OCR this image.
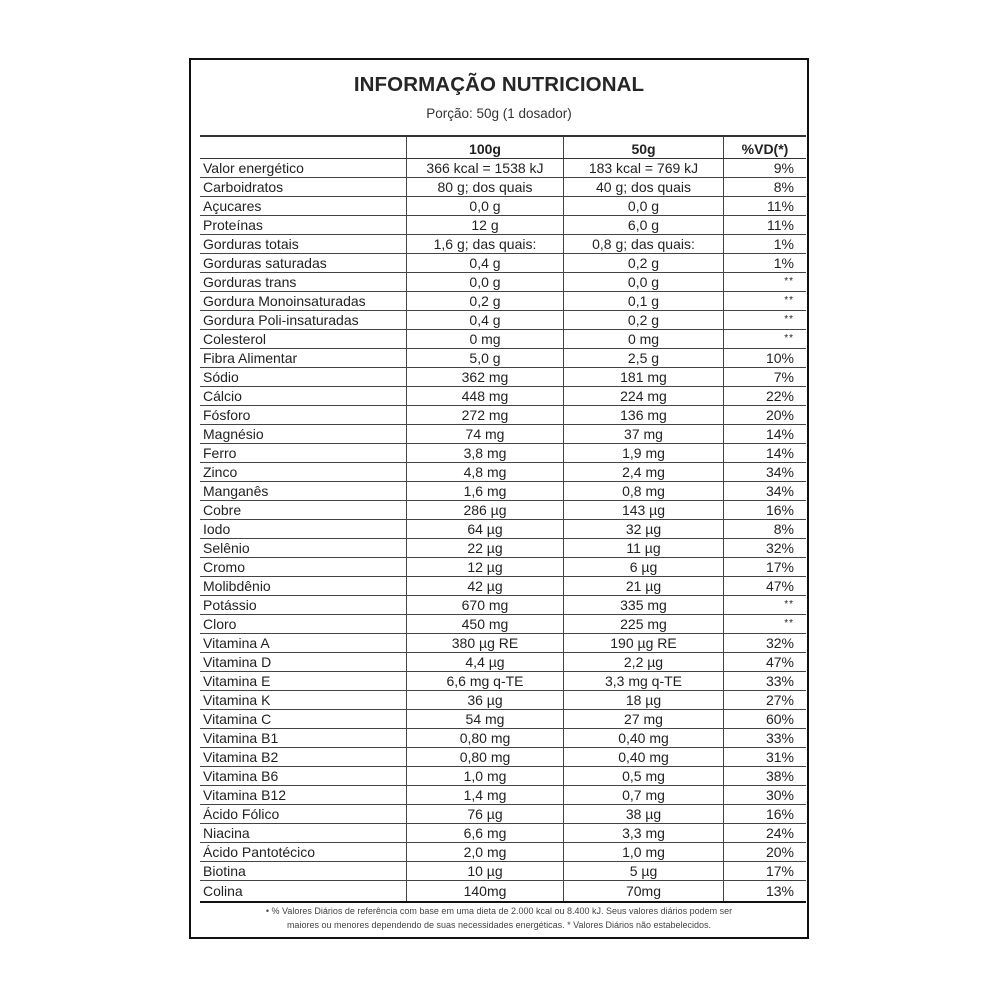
INFORMAÇÃO NUTRICIONAL
Porção: 50g (1 dosador)
	100g	50g	%VD(*)
Valor energético	366 kcal = 1538 kJ	183 kcal = 769 kJ	9%
Carboidratos	80 g; dos quais	40 g; dos quais	8%
Açucares	0,0 g	0,0 g	11%
Proteínas	12 g	6,0 g	11%
Gorduras totais	1,6 g; das quais:	0,8 g; das quais:	1%
Gorduras saturadas	0,4 g	0,2 g	1%
Gorduras trans	0,0 g	0,0 g	**
Gordura Monoinsaturadas	0,2 g	0,1 g	**
Gordura Poli-insaturadas	0,4 g	0,2 g	**
Colesterol	0 mg	0 mg	**
Fibra Alimentar	5,0 g	2,5 g	10%
Sódio	362 mg	181 mg	7%
Cálcio	448 mg	224 mg	22%
Fósforo	272 mg	136 mg	20%
Magnésio	74 mg	37 mg	14%
Ferro	3,8 mg	1,9 mg	14%
Zinco	4,8 mg	2,4 mg	34%
Manganês	1,6 mg	0,8 mg	34%
Cobre	286 µg	143 µg	16%
Iodo	64 µg	32 µg	8%
Selênio	22 µg	11 µg	32%
Cromo	12 µg	6 µg	17%
Molibdênio	42 µg	21 µg	47%
Potássio	670 mg	335 mg	**
Cloro	450 mg	225 mg	**
Vitamina A	380 µg RE	190 µg RE	32%
Vitamina D	4,4 µg	2,2 µg	47%
Vitamina E	6,6 mg q-TE	3,3 mg q-TE	33%
Vitamina K	36 µg	18 µg	27%
Vitamina C	54 mg	27 mg	60%
Vitamina B1	0,80 mg	0,40 mg	33%
Vitamina B2	0,80 mg	0,40 mg	31%
Vitamina B6	1,0 mg	0,5 mg	38%
Vitamina B12	1,4 mg	0,7 mg	30%
Ácido Fólico	76 µg	38 µg	16%
Niacina	6,6 mg	3,3 mg	24%
Ácido Pantotécico	2,0 mg	1,0 mg	20%
Biotina	10 µg	5 µg	17%
Colina	140mg	70mg	13%
• % Valores Diários de referência com base em uma dieta de 2.000 kcal ou 8.400 kJ. Seus valores diários podem ser
maiores ou menores dependendo de suas necessidades energéticas. * Valores Diários não estabelecidos.
